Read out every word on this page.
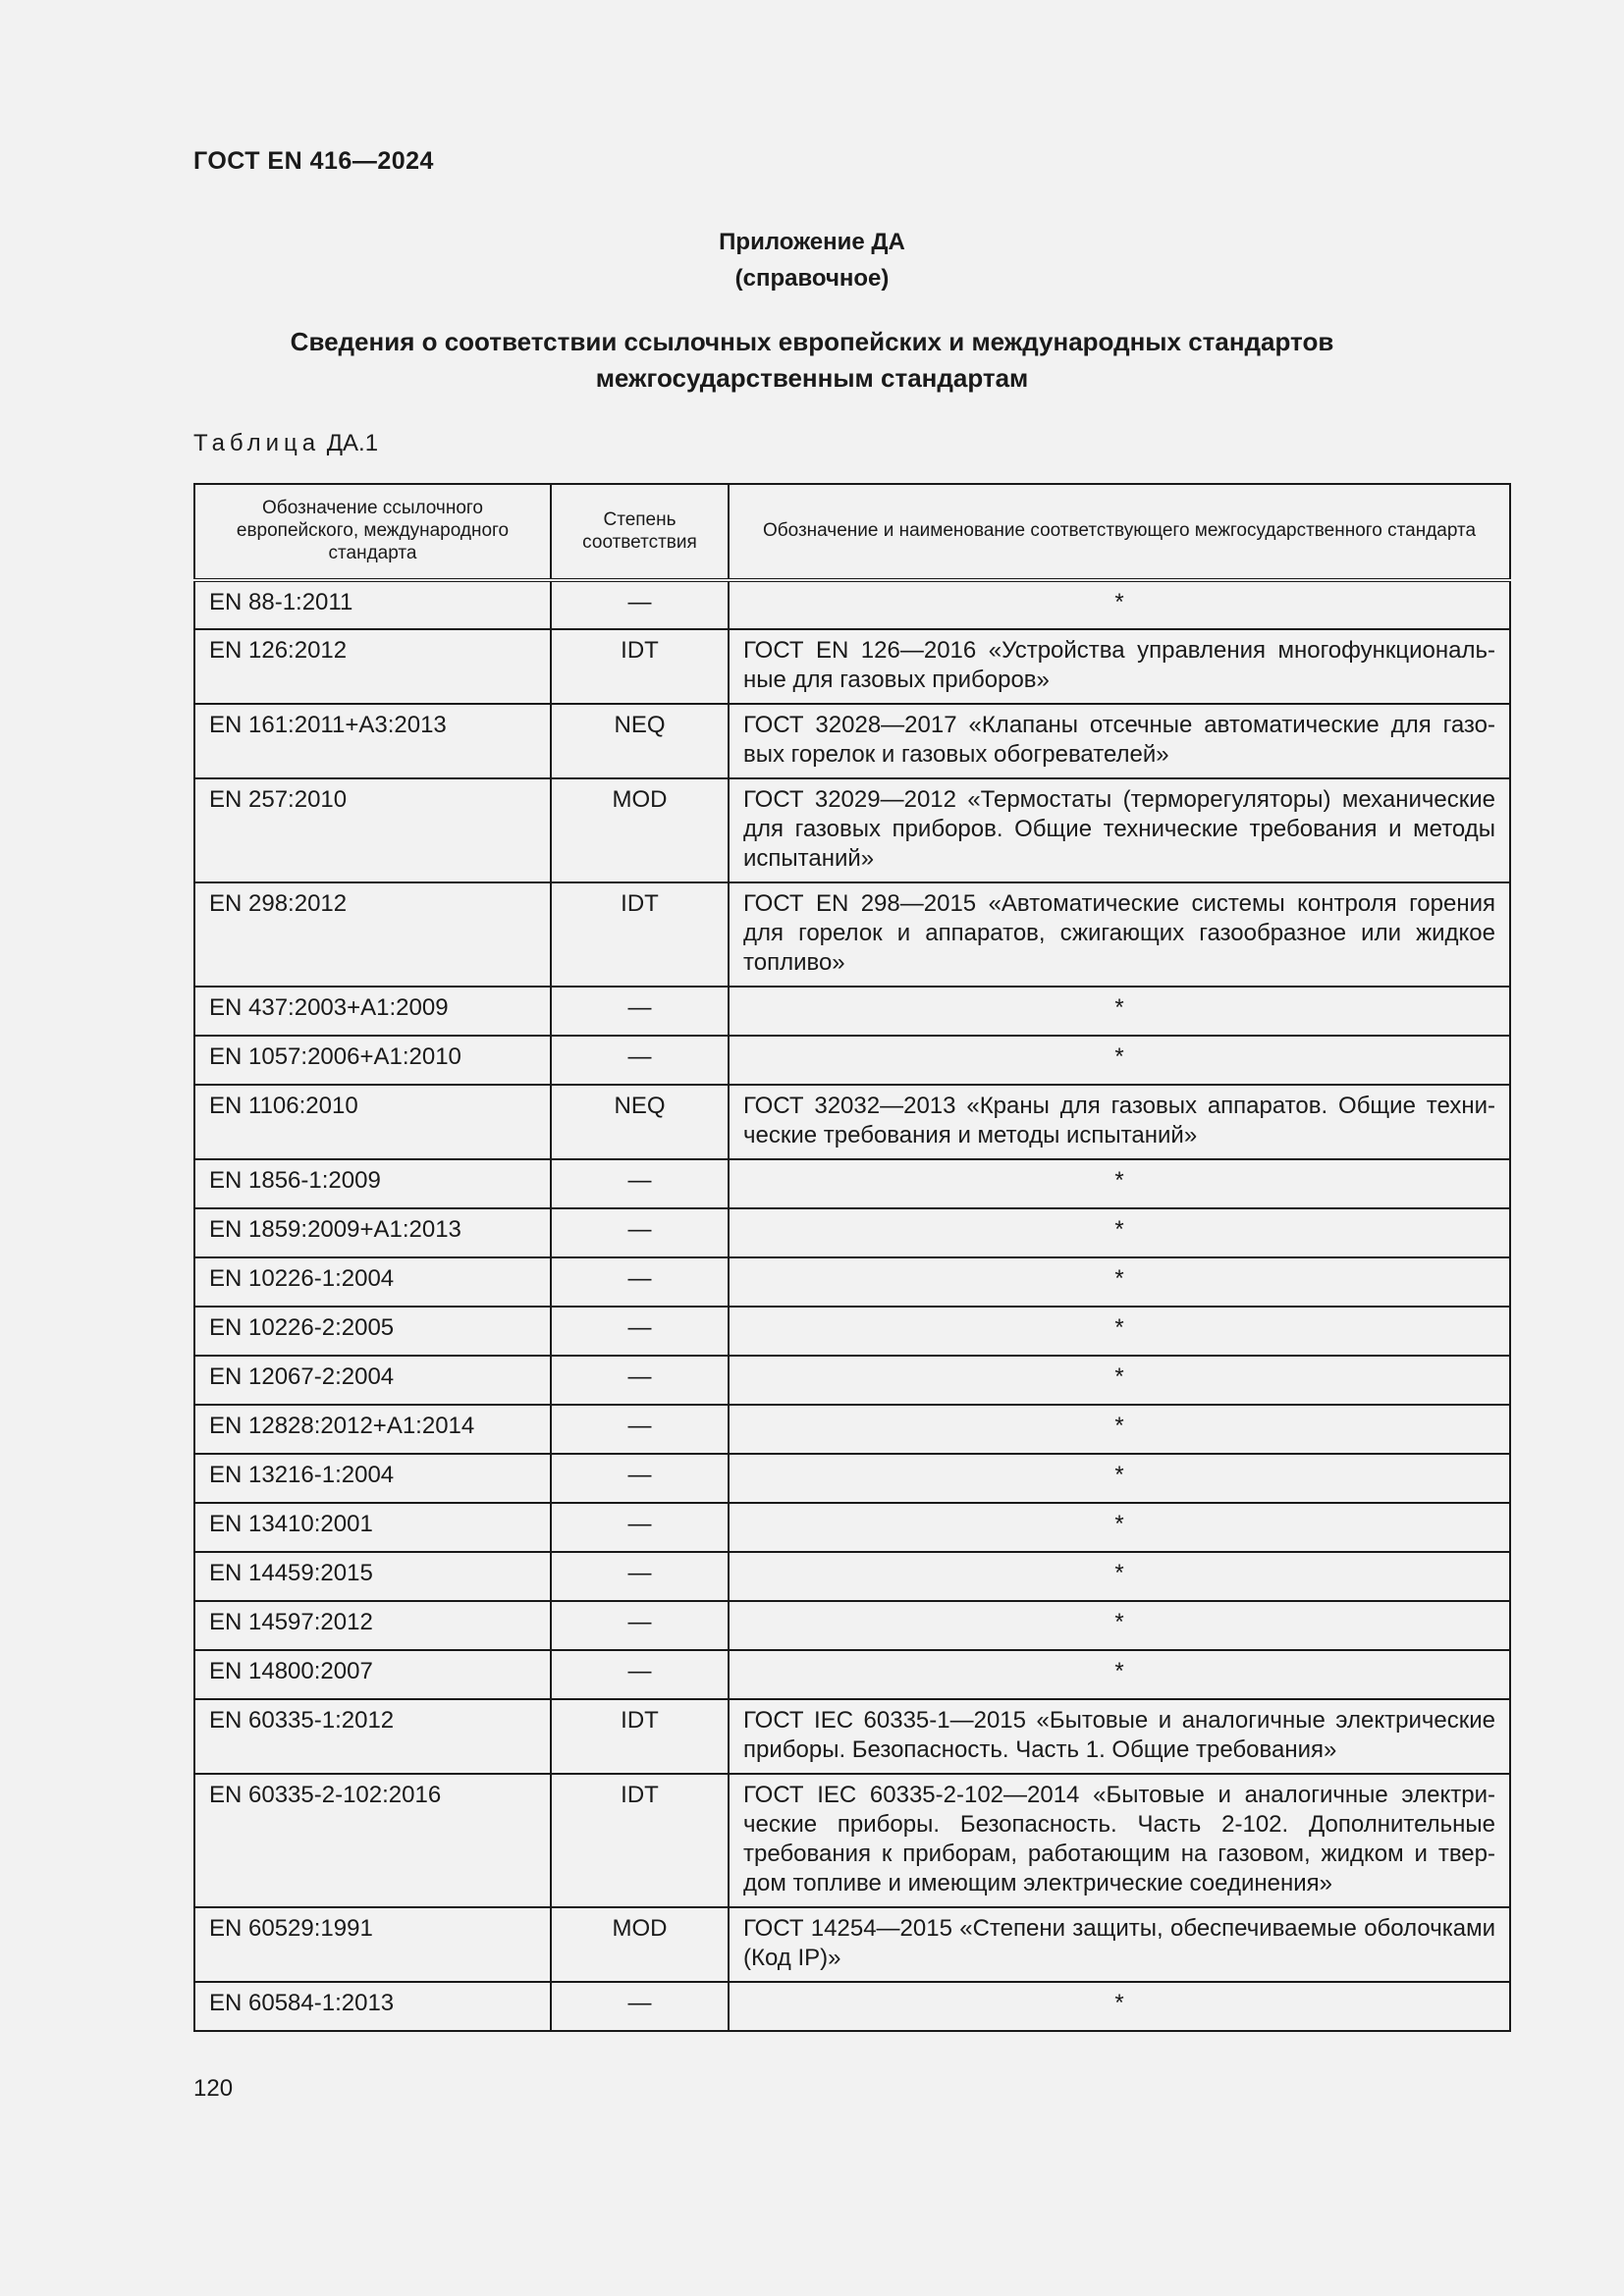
ГОСТ EN 416—2024
Приложение ДА
(справочное)
Сведения о соответствии ссылочных европейских и международных стандартов
межгосударственным стандартам
Таблица ДА.1
Обозначение ссылочного европейского, международного стандарта	Степень соответствия	Обозначение и наименование соответствующего межгосударственного стандарта
EN 88-1:2011	—	*
EN 126:2012	IDT	ГОСТ EN 126—2016 «Устройства управления многофункциональные для газовых приборов»
EN 161:2011+A3:2013	NEQ	ГОСТ 32028—2017 «Клапаны отсечные автоматические для газовых горелок и газовых обогревателей»
EN 257:2010	MOD	ГОСТ 32029—2012 «Термостаты (терморегуляторы) механические для газовых приборов. Общие технические требования и методы испытаний»
EN 298:2012	IDT	ГОСТ EN 298—2015 «Автоматические системы контроля горения для горелок и аппаратов, сжигающих газообразное или жидкое топливо»
EN 437:2003+A1:2009	—	*
EN 1057:2006+A1:2010	—	*
EN 1106:2010	NEQ	ГОСТ 32032—2013 «Краны для газовых аппаратов. Общие технические требования и методы испытаний»
EN 1856-1:2009	—	*
EN 1859:2009+A1:2013	—	*
EN 10226-1:2004	—	*
EN 10226-2:2005	—	*
EN 12067-2:2004	—	*
EN 12828:2012+A1:2014	—	*
EN 13216-1:2004	—	*
EN 13410:2001	—	*
EN 14459:2015	—	*
EN 14597:2012	—	*
EN 14800:2007	—	*
EN 60335-1:2012	IDT	ГОСТ IEC 60335-1—2015 «Бытовые и аналогичные электрические приборы. Безопасность. Часть 1. Общие требования»
EN 60335-2-102:2016	IDT	ГОСТ IEC 60335-2-102—2014 «Бытовые и аналогичные электрические приборы. Безопасность. Часть 2-102. Дополнительные требования к приборам, работающим на газовом, жидком и твердом топливе и имеющим электрические соединения»
EN 60529:1991	MOD	ГОСТ 14254—2015 «Степени защиты, обеспечиваемые оболочками (Код IP)»
EN 60584-1:2013	—	*
120
